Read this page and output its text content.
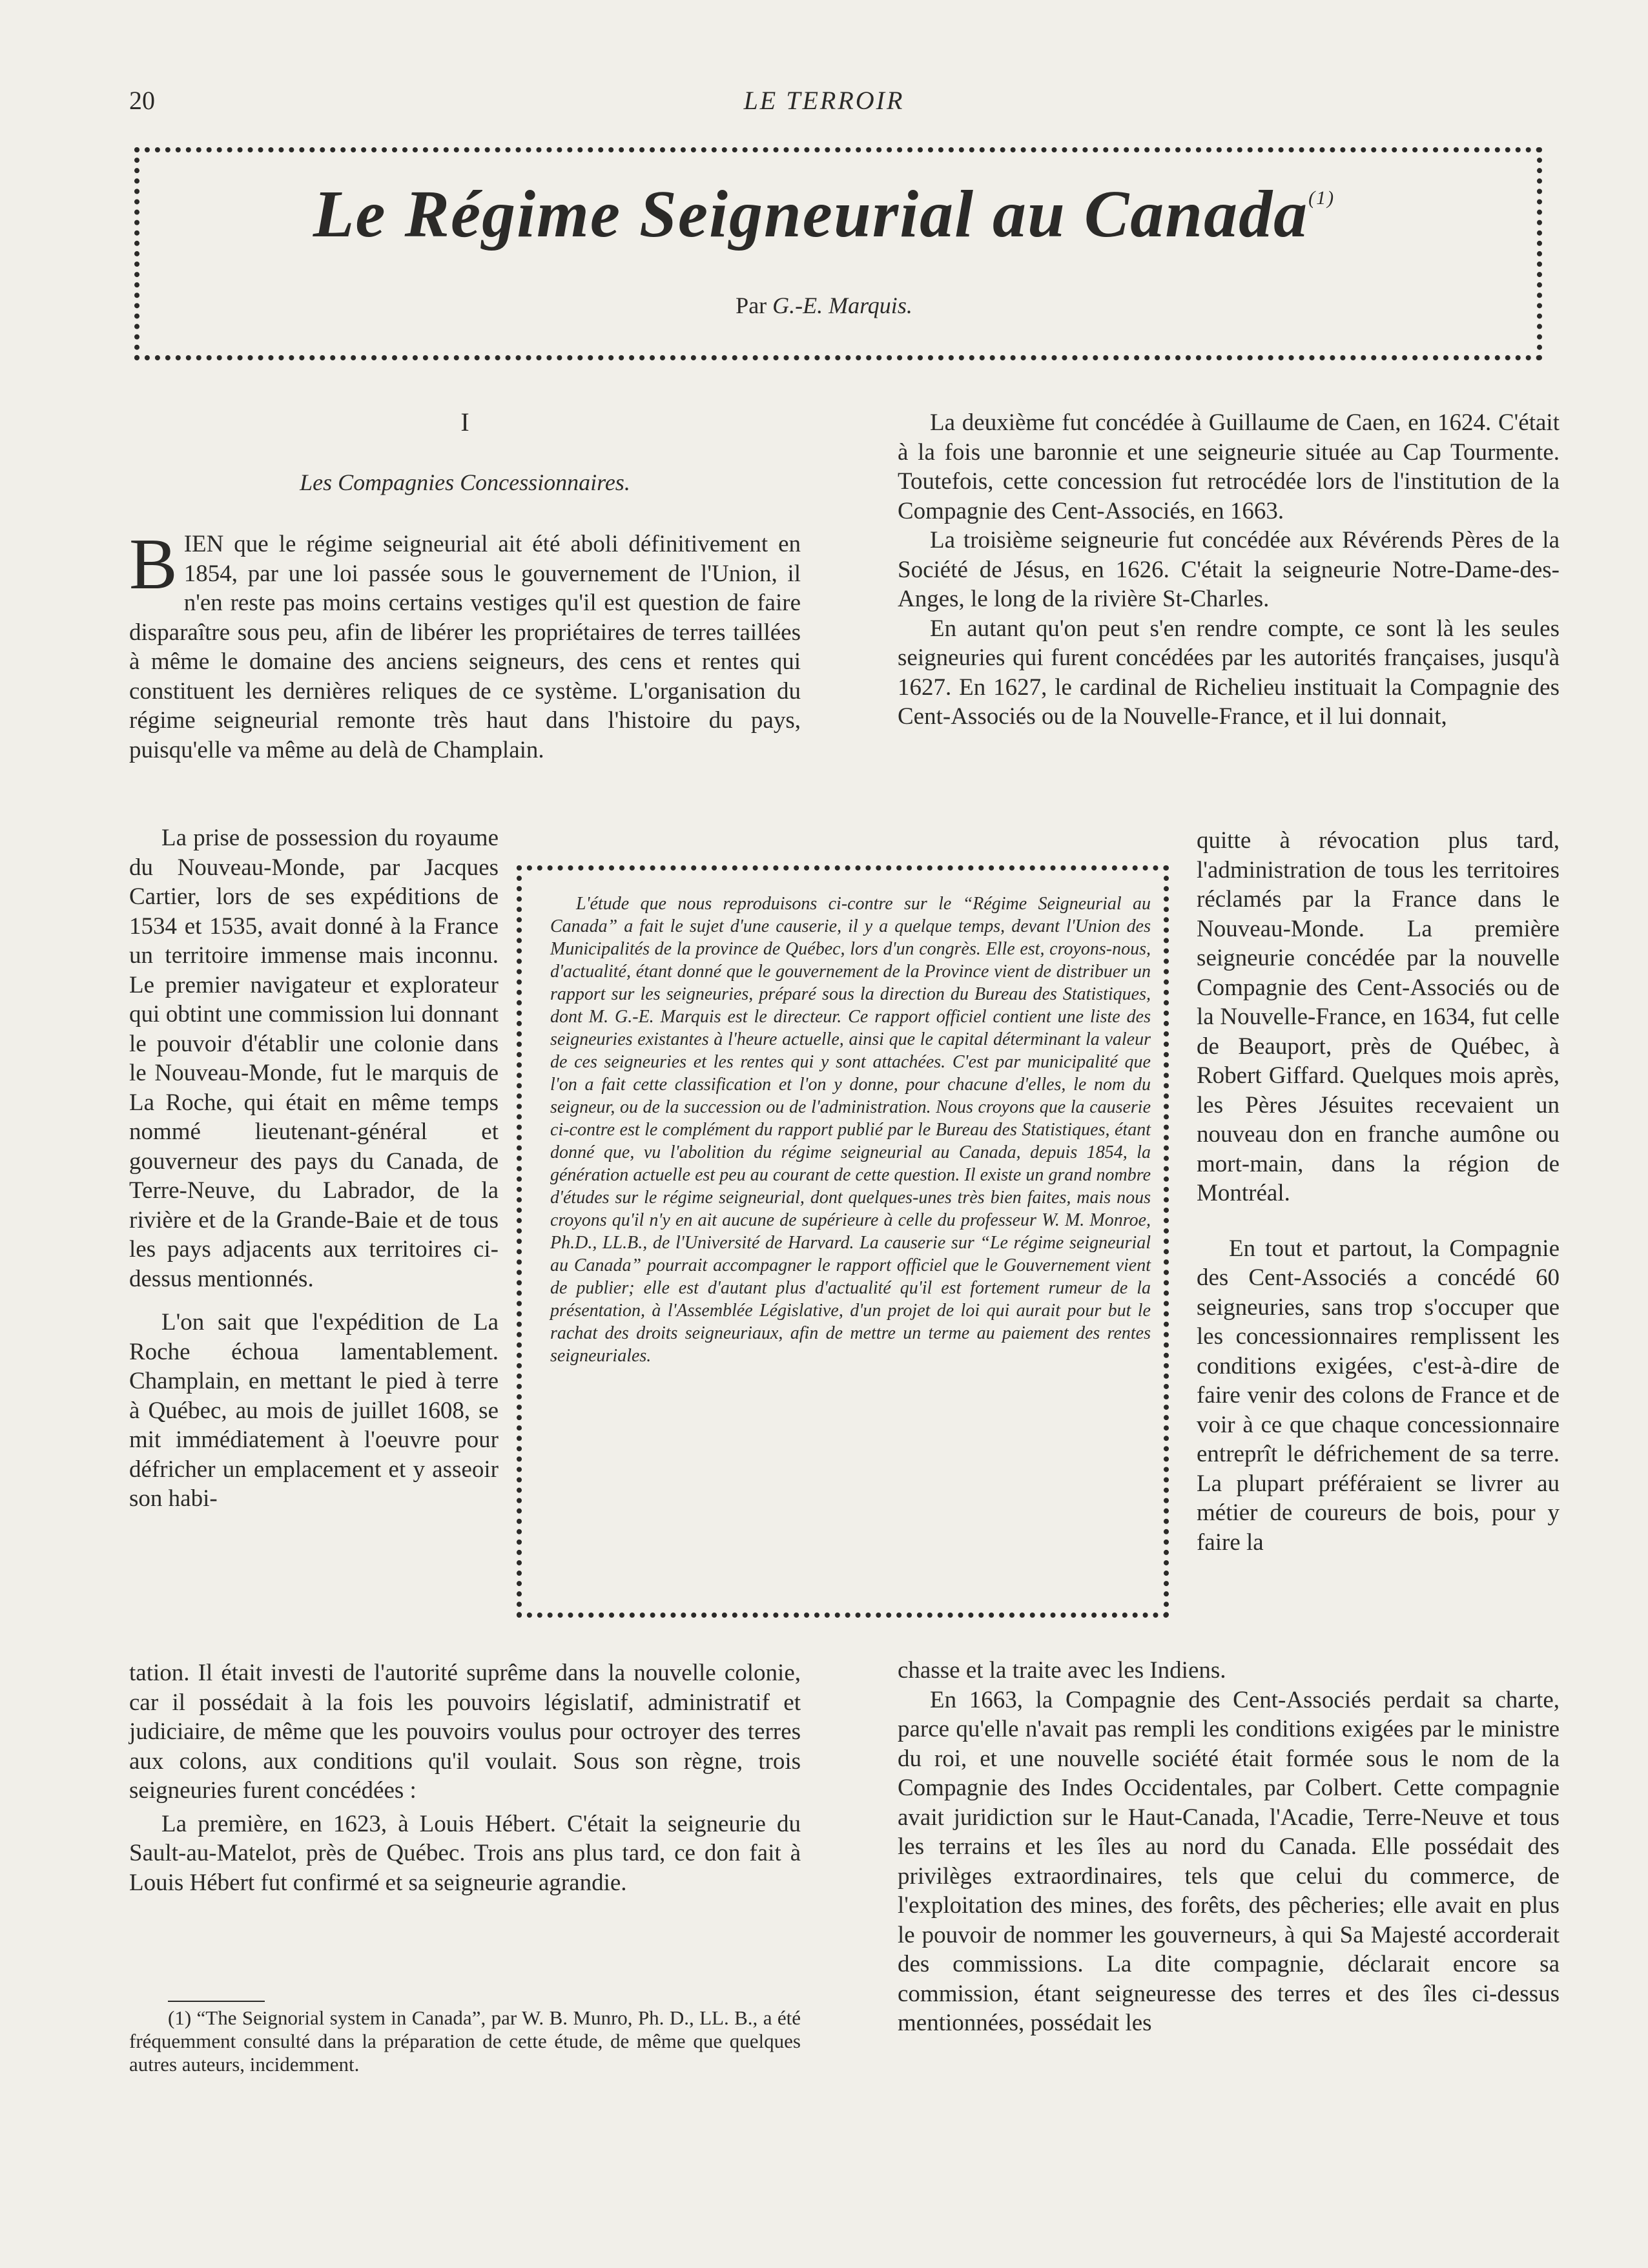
20	LE TERROIR
Le Régime Seigneurial au Canada$^{(1)}$
Par G.-E. Marquis.
I
Les Compagnies Concessionnaires.

BIEN que le régime seigneurial ait été aboli définitivement en 1854, par une loi passée sous le gouvernement de l'Union, il n'en reste pas moins certains vestiges qu'il est question de faire disparaître sous peu, afin de libérer les propriétaires de terres taillées à même le domaine des anciens seigneurs, des cens et rentes qui constituent les dernières reliques de ce système. L'organisation du régime seigneurial remonte très haut dans l'histoire du pays, puisqu'elle va même au delà de Champlain.

La prise de possession du royaume du Nouveau-Monde, par Jacques Cartier, lors de ses expéditions de 1534 et 1535, avait donné à la France un territoire immense mais inconnu. Le premier navigateur et explorateur qui obtint une commission lui donnant le pouvoir d'établir une colonie dans le Nouveau-Monde, fut le marquis de La Roche, qui était en même temps nommé lieutenant-général et gouverneur des pays du Canada, de Terre-Neuve, du Labrador, de la rivière et de la Grande-Baie et de tous les pays adjacents aux territoires ci-dessus mentionnés.

L'on sait que l'expédition de La Roche échoua lamentablement. Champlain, en mettant le pied à terre à Québec, au mois de juillet 1608, se mit immédiatement à l'oeuvre pour défricher un emplacement et y asseoir son habi-

tation. Il était investi de l'autorité suprême dans la nouvelle colonie, car il possédait à la fois les pouvoirs législatif, administratif et judiciaire, de même que les pouvoirs voulus pour octroyer des terres aux colons, aux conditions qu'il voulait. Sous son règne, trois seigneuries furent concédées :

La première, en 1623, à Louis Hébert. C'était la seigneurie du Sault-au-Matelot, près de Québec. Trois ans plus tard, ce don fait à Louis Hébert fut confirmé et sa seigneurie agrandie.

(1) “The Seignorial system in Canada”, par W. B. Munro, Ph. D., LL. B., a été fréquemment consulté dans la préparation de cette étude, de même que quelques autres auteurs, incidemment.

L'étude que nous reproduisons ci-contre sur le “Régime Seigneurial au Canada” a fait le sujet d'une causerie, il y a quelque temps, devant l'Union des Municipalités de la province de Québec, lors d'un congrès. Elle est, croyons-nous, d'actualité, étant donné que le gouvernement de la Province vient de distribuer un rapport sur les seigneuries, préparé sous la direction du Bureau des Statistiques, dont M. G.-E. Marquis est le directeur. Ce rapport officiel contient une liste des seigneuries existantes à l'heure actuelle, ainsi que le capital déterminant la valeur de ces seigneuries et les rentes qui y sont attachées. C'est par municipalité que l'on a fait cette classification et l'on y donne, pour chacune d'elles, le nom du seigneur, ou de la succession ou de l'administration. Nous croyons que la causerie ci-contre est le complément du rapport publié par le Bureau des Statistiques, étant donné que, vu l'abolition du régime seigneurial au Canada, depuis 1854, la génération actuelle est peu au courant de cette question. Il existe un grand nombre d'études sur le régime seigneurial, dont quelques-unes très bien faites, mais nous croyons qu'il n'y en ait aucune de supérieure à celle du professeur W. M. Monroe, Ph.D., LL.B., de l'Université de Harvard. La causerie sur “Le régime seigneurial au Canada” pourrait accompagner le rapport officiel que le Gouvernement vient de publier; elle est d'autant plus d'actualité qu'il est fortement rumeur de la présentation, à l'Assemblée Législative, d'un projet de loi qui aurait pour but le rachat des droits seigneuriaux, afin de mettre un terme au paiement des rentes seigneuriales.

La deuxième fut concédée à Guillaume de Caen, en 1624. C'était à la fois une baronnie et une seigneurie située au Cap Tourmente. Toutefois, cette concession fut retrocédée lors de l'institution de la Compagnie des Cent-Associés, en 1663.

La troisième seigneurie fut concédée aux Révérends Pères de la Société de Jésus, en 1626. C'était la seigneurie Notre-Dame-des-Anges, le long de la rivière St-Charles.

En autant qu'on peut s'en rendre compte, ce sont là les seules seigneuries qui furent concédées par les autorités françaises, jusqu'à 1627. En 1627, le cardinal de Richelieu instituait la Compagnie des Cent-Associés ou de la Nouvelle-France, et il lui donnait,

quitte à révocation plus tard, l'administration de tous les territoires réclamés par la France dans le Nouveau-Monde. La première seigneurie concédée par la nouvelle Compagnie des Cent-Associés ou de la Nouvelle-France, en 1634, fut celle de Beauport, près de Québec, à Robert Giffard. Quelques mois après, les Pères Jésuites recevaient un nouveau don en franche aumône ou mort-main, dans la région de Montréal.

En tout et partout, la Compagnie des Cent-Associés a concédé 60 seigneuries, sans trop s'occuper que les concessionnaires remplissent les conditions exigées, c'est-à-dire de faire venir des colons de France et de voir à ce que chaque concessionnaire entreprît le défrichement de sa terre. La plupart préféraient se livrer au métier de coureurs de bois, pour y faire la

chasse et la traite avec les Indiens.

En 1663, la Compagnie des Cent-Associés perdait sa charte, parce qu'elle n'avait pas rempli les conditions exigées par le ministre du roi, et une nouvelle société était formée sous le nom de la Compagnie des Indes Occidentales, par Colbert. Cette compagnie avait juridiction sur le Haut-Canada, l'Acadie, Terre-Neuve et tous les terrains et les îles au nord du Canada. Elle possédait des privilèges extraordinaires, tels que celui du commerce, de l'exploitation des mines, des forêts, des pêcheries; elle avait en plus le pouvoir de nommer les gouverneurs, à qui Sa Majesté accorderait des commissions. La dite compagnie, déclarait encore sa commission, étant seigneuresse des terres et des îles ci-dessus mentionnées, possédait les
